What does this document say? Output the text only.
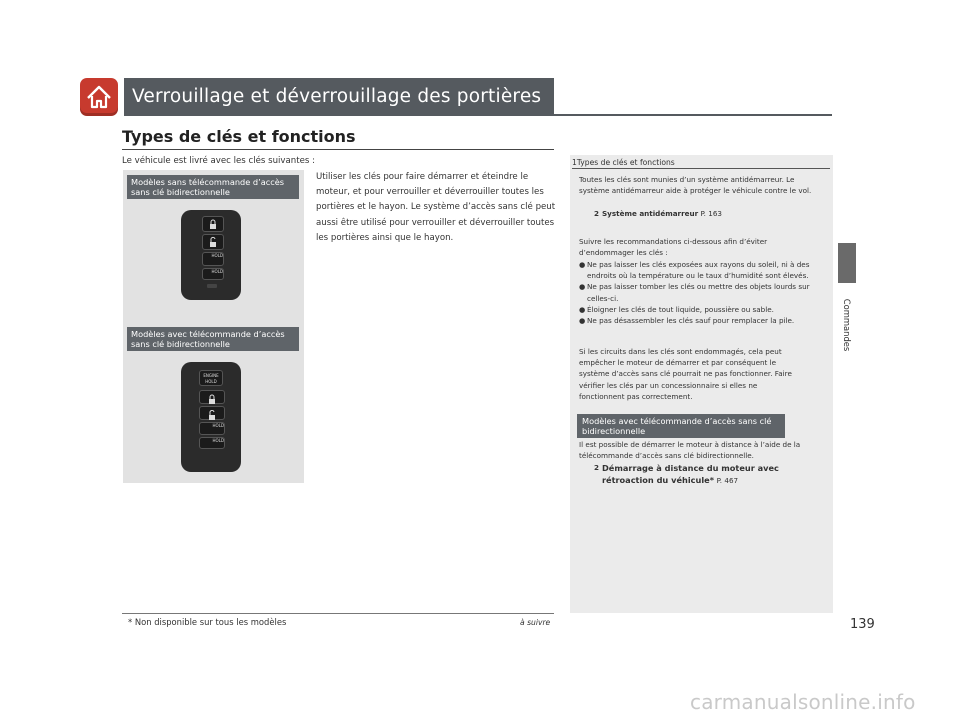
Verrouillage et déverrouillage des portières
Types de clés et fonctions
Le véhicule est livré avec les clés suivantes :
Utiliser les clés pour faire démarrer et éteindre le moteur, et pour verrouiller et déverrouiller toutes les portières et le hayon. Le système d’accès sans clé peut aussi être utilisé pour verrouiller et déverrouiller toutes les portières ainsi que le hayon.
Modèles sans télécommande d’accès sans clé bidirectionnelle
HOLD
HOLD
Modèles avec télécommande d’accès sans clé bidirectionnelle
ENGINE HOLD
HOLD
HOLD
Commandes
1Types de clés et fonctions
Toutes les clés sont munies d’un système antidémarreur. Le système antidémarreur aide à protéger le véhicule contre le vol.
2 Système antidémarreur P. 163
Suivre les recommandations ci-dessous afin d’éviter d’endommager les clés :
● Ne pas laisser les clés exposées aux rayons du soleil, ni à des endroits où la température ou le taux d’humidité sont élevés.
● Ne pas laisser tomber les clés ou mettre des objets lourds sur celles-ci.
● Éloigner les clés de tout liquide, poussière ou sable.
● Ne pas désassembler les clés sauf pour remplacer la pile.
Si les circuits dans les clés sont endommagés, cela peut empêcher le moteur de démarrer et par conséquent le système d’accès sans clé pourrait ne pas fonctionner. Faire vérifier les clés par un concessionnaire si elles ne fonctionnent pas correctement.
Modèles avec télécommande d’accès sans clé bidirectionnelle
Il est possible de démarrer le moteur à distance à l’aide de la télécommande d’accès sans clé bidirectionnelle.
2 Démarrage à distance du moteur avec rétroaction du véhicule* P. 467
* Non disponible sur tous les modèles	à suivre	139
carmanualsonline.info
